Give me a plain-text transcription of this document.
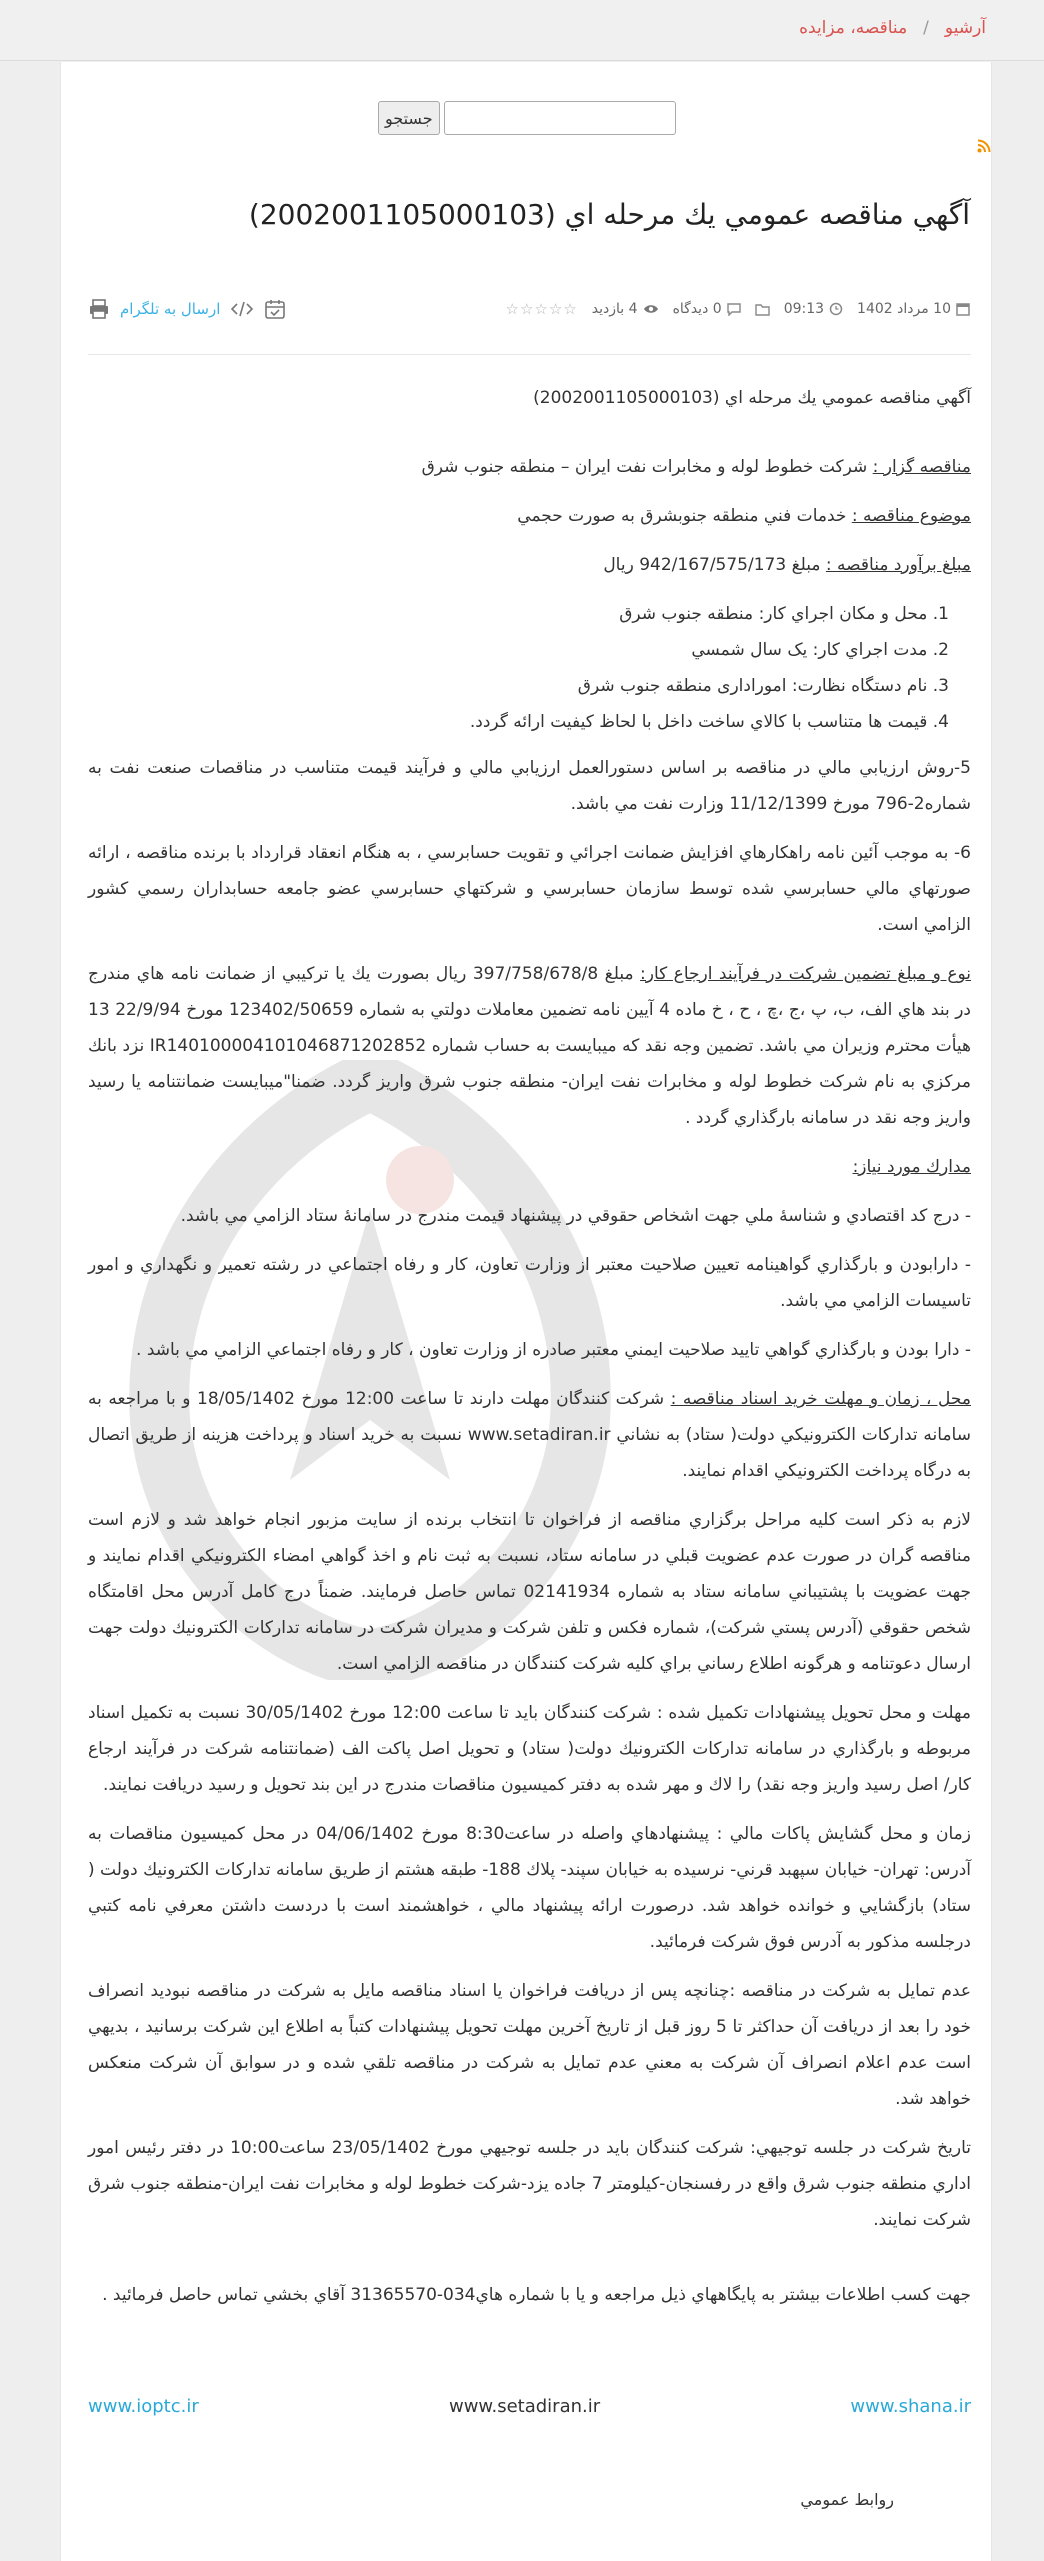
آرشيو
/
مناقصه، مزايده
جستجو
آگهي مناقصه عمومي يك مرحله اي (2002001105000103)
10 مرداد 1402
09:13
0 ديدگاه
4 بازديد
☆☆☆☆☆
ارسال به تلگرام

آگهي مناقصه عمومي يك مرحله اي (2002001105000103)

مناقصه گزار : شركت خطوط لوله و مخابرات نفت ايران – منطقه جنوب شرق

موضوع مناقصه : خدمات فني منطقه جنوبشرق به صورت حجمي

مبلغ برآورد مناقصه : مبلغ 942/167/575/173 ريال

1. محل و مكان اجراي كار: منطقه جنوب شرق
2. مدت اجراي كار: يک سال شمسي
3. نام دستگاه نظارت: امورادارى منطقه جنوب شرق
4. قيمت ها متناسب با كالاي ساخت داخل با لحاظ كيفيت ارائه گردد.

5-روش ارزيابي مالي در مناقصه بر اساس دستورالعمل ارزيابي مالي و فرآيند قيمت متناسب در مناقصات صنعت نفت به شماره2-796 مورخ 11/12/1399 وزارت نفت مي باشد.

6- به موجب آئين نامه راهكارهاي افزايش ضمانت اجرائي و تقويت حسابرسي ، به هنگام انعقاد قرارداد با برنده مناقصه ، ارائه صورتهاي مالي حسابرسي شده توسط سازمان حسابرسي و شركتهاي حسابرسي عضو جامعه حسابداران رسمي كشور الزامي است.

نوع و مبلغ تضمين شركت در فرآيند ارجاع كار: مبلغ 397/758/678/8 ريال بصورت يك يا تركيبي از ضمانت نامه هاي مندرج در بند هاي الف، ب، پ ،ج ،چ ، ح ، خ ماده 4 آيين نامه تضمين معاملات دولتي به شماره 123402/50659 مورخ 22/9/94 13 هيأت محترم وزيران مي باشد. تضمين وجه نقد كه ميبايست به حساب شماره IR140100004101046871202852 نزد بانك مركزي به نام شركت خطوط لوله و مخابرات نفت ايران- منطقه جنوب شرق واريز گردد. ضمنا"ميبايست ضمانتنامه يا رسيد واريز وجه نقد در سامانه بارگذاري گردد .

مدارك مورد نياز:

- درج كد اقتصادي و شناسهٔ ملي جهت اشخاص حقوقي در پيشنهاد قيمت مندرج در سامانهٔ ستاد الزامي مي باشد.

- دارابودن و بارگذاري گواهينامه تعيين صلاحيت معتبر از وزارت تعاون، كار و رفاه اجتماعي در رشته تعمير و نگهداري و امور تاسيسات الزامي مي باشد.

- دارا بودن و بارگذاري گواهي تاييد صلاحيت ايمني معتبر صادره از وزارت تعاون ، كار و رفاه اجتماعي الزامي مي باشد .

محل ، زمان و مهلت خريد اسناد مناقصه : شركت كنندگان مهلت دارند تا ساعت 12:00 مورخ 18/05/1402 و با مراجعه به سامانه تداركات الكترونيكي دولت( ستاد) به نشاني www.setadiran.ir نسبت به خريد اسناد و پرداخت هزينه از طريق اتصال به درگاه پرداخت الكترونيكي اقدام نمايند.

لازم به ذكر است كليه مراحل برگزاري مناقصه از فراخوان تا انتخاب برنده از سايت مزبور انجام خواهد شد و لازم است مناقصه گران در صورت عدم عضويت قبلي در سامانه ستاد، نسبت به ثبت نام و اخذ گواهي امضاء الكترونيكي اقدام نمايند و جهت عضويت با پشتيباني سامانه ستاد به شماره 02141934 تماس حاصل فرمايند. ضمناً درج كامل آدرس محل اقامتگاه شخص حقوقي (آدرس پستي شركت)، شماره فكس و تلفن شركت و مديران شركت در سامانه تداركات الكترونيك دولت جهت ارسال دعوتنامه و هرگونه اطلاع رساني براي كليه شركت كنندگان در مناقصه الزامي است.

مهلت و محل تحويل پيشنهادات تكميل شده : شركت كنندگان بايد تا ساعت 12:00 مورخ 30/05/1402 نسبت به تكميل اسناد مربوطه و بارگذاري در سامانه تداركات الكترونيك دولت( ستاد) و تحويل اصل پاكت الف (ضمانتنامه شركت در فرآيند ارجاع كار/ اصل رسيد واريز وجه نقد) را لاك و مهر شده به دفتر كميسيون مناقصات مندرج در اين بند تحويل و رسيد دريافت نمايند.

زمان و محل گشايش پاكات مالي : پيشنهادهاي واصله در ساعت8:30 مورخ 04/06/1402 در محل كميسيون مناقصات به آدرس: تهران- خيابان سپهبد قرني- نرسيده به خيابان سپند- پلاك 188- طبقه هشتم از طريق سامانه تداركات الكترونيك دولت ( ستاد) بازگشايي و خوانده خواهد شد. درصورت ارائه پيشنهاد مالي ، خواهشمند است با دردست داشتن معرفي نامه كتبي درجلسه مذكور به آدرس فوق شركت فرمائيد.

عدم تمايل به شركت در مناقصه :چنانچه پس از دريافت فراخوان يا اسناد مناقصه مايل به شركت در مناقصه نبوديد انصراف خود را بعد از دريافت آن حداكثر تا 5 روز قبل از تاريخ آخرين مهلت تحويل پيشنهادات كتباً به اطلاع اين شركت برسانيد ، بديهي است عدم اعلام انصراف آن شركت به معني عدم تمايل به شركت در مناقصه تلقي شده و در سوابق آن شركت منعكس خواهد شد.

تاريخ شركت در جلسه توجيهي: شركت كنندگان بايد در جلسه توجيهي مورخ 23/05/1402 ساعت10:00 در دفتر رئيس امور اداري منطقه جنوب شرق واقع در رفسنجان-كيلومتر 7 جاده يزد-شركت خطوط لوله و مخابرات نفت ايران-منطقه جنوب شرق شركت نمايند.

جهت كسب اطلاعات بيشتر به پايگاههاي ذيل مراجعه و يا با شماره هاي034-31365570 آقاي بخشي تماس حاصل فرمائيد .

www.ioptc.ir	www.setadiran.ir	www.shana.ir
روابط عمومي
